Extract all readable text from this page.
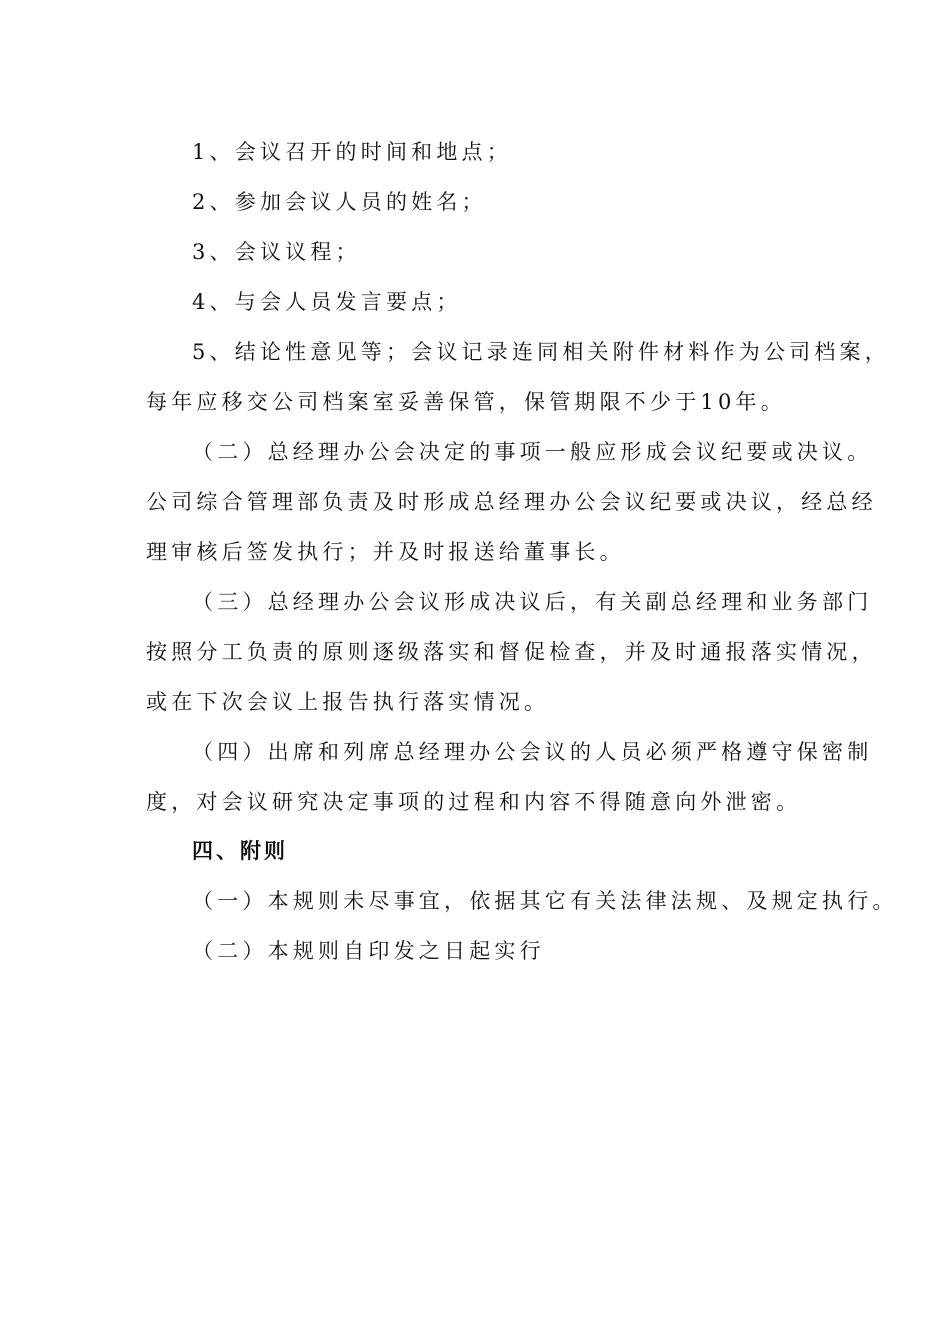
1、会议召开的时间和地点；
2、参加会议人员的姓名；
3、会议议程；
4、与会人员发言要点；
5、结论性意见等；会议记录连同相关附件材料作为公司档案，
每年应移交公司档案室妥善保管，保管期限不少于10年。
（二）总经理办公会决定的事项一般应形成会议纪要或决议。
公司综合管理部负责及时形成总经理办公会议纪要或决议，经总经
理审核后签发执行；并及时报送给董事长。
（三）总经理办公会议形成决议后，有关副总经理和业务部门
按照分工负责的原则逐级落实和督促检查，并及时通报落实情况，
或在下次会议上报告执行落实情况。
（四）出席和列席总经理办公会议的人员必须严格遵守保密制
度，对会议研究决定事项的过程和内容不得随意向外泄密。
四、附则
（一）本规则未尽事宜，依据其它有关法律法规、及规定执行。
（二）本规则自印发之日起实行
